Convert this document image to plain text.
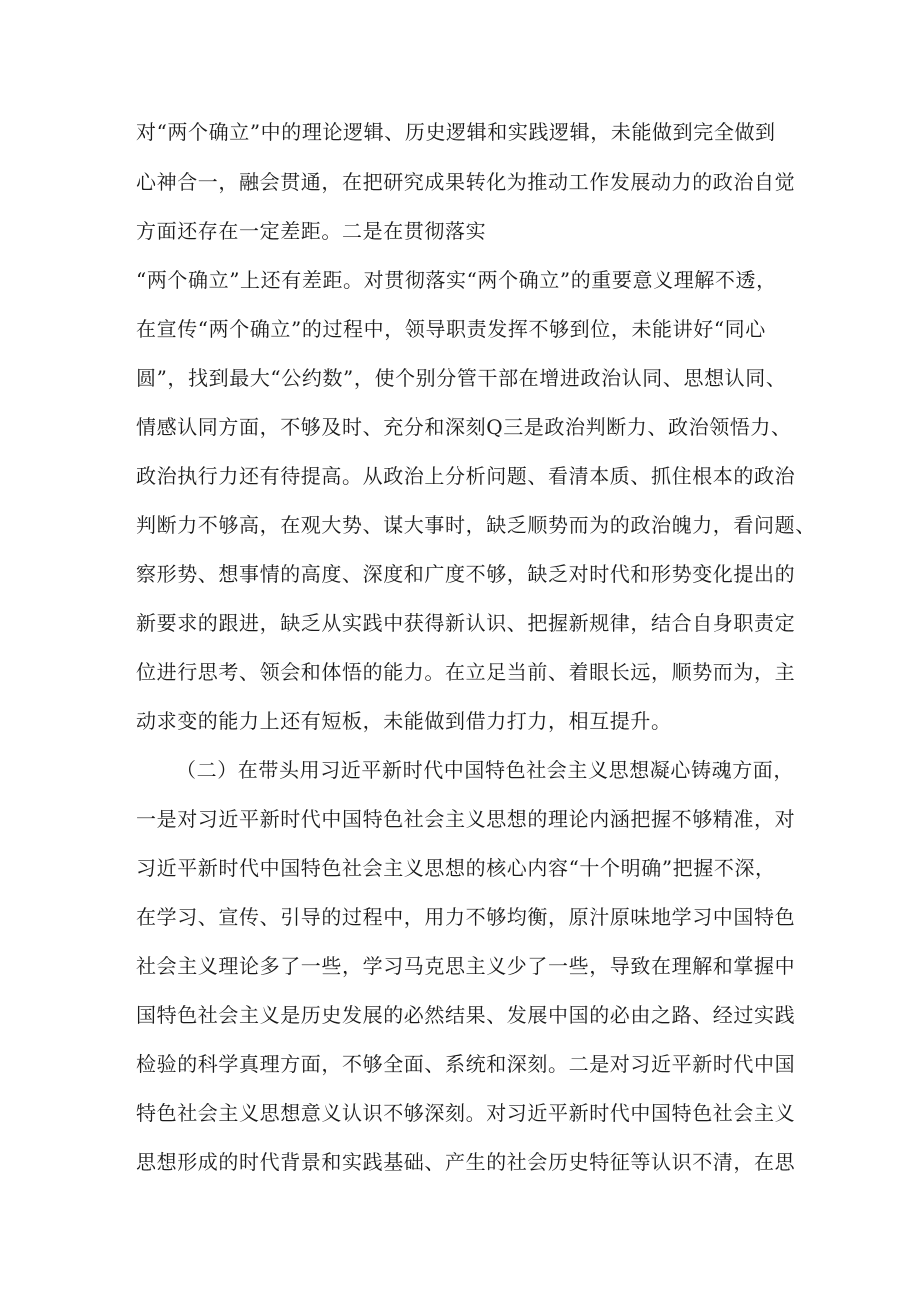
对“两个确立”中的理论逻辑、历史逻辑和实践逻辑，未能做到完全做到
心神合一，融会贯通，在把研究成果转化为推动工作发展动力的政治自觉
方面还存在一定差距。二是在贯彻落实
“两个确立”上还有差距。对贯彻落实“两个确立”的重要意义理解不透，
在宣传“两个确立”的过程中，领导职责发挥不够到位，未能讲好“同心
圆”，找到最大“公约数”，使个别分管干部在增进政治认同、思想认同、
情感认同方面，不够及时、充分和深刻Q三是政治判断力、政治领悟力、
政治执行力还有待提高。从政治上分析问题、看清本质、抓住根本的政治
判断力不够高，在观大势、谋大事时，缺乏顺势而为的政治魄力，看问题、
察形势、想事情的高度、深度和广度不够，缺乏对时代和形势变化提出的
新要求的跟进，缺乏从实践中获得新认识、把握新规律，结合自身职责定
位进行思考、领会和体悟的能力。在立足当前、着眼长远，顺势而为，主
动求变的能力上还有短板，未能做到借力打力，相互提升。
（二）在带头用习近平新时代中国特色社会主义思想凝心铸魂方面，
一是对习近平新时代中国特色社会主义思想的理论内涵把握不够精准，对
习近平新时代中国特色社会主义思想的核心内容“十个明确”把握不深，
在学习、宣传、引导的过程中，用力不够均衡，原汁原味地学习中国特色
社会主义理论多了一些，学习马克思主义少了一些，导致在理解和掌握中
国特色社会主义是历史发展的必然结果、发展中国的必由之路、经过实践
检验的科学真理方面，不够全面、系统和深刻。二是对习近平新时代中国
特色社会主义思想意义认识不够深刻。对习近平新时代中国特色社会主义
思想形成的时代背景和实践基础、产生的社会历史特征等认识不清，在思
